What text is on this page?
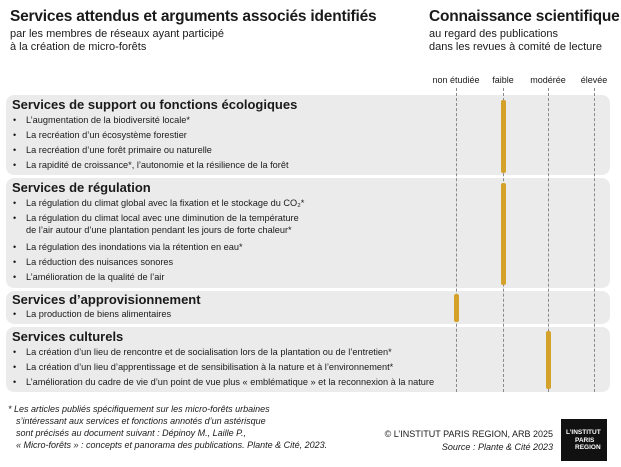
Services attendus et arguments associés identifiés
par les membres de réseaux ayant participé
à la création de micro-forêts
Connaissance scientifique
au regard des publications
dans les revues à comité de lecture
non étudiée faible modérée élevée
Services de support ou fonctions écologiques
• L’augmentation de la biodiversité locale*
• La recréation d’un écosystème forestier
• La recréation d’une forêt primaire ou naturelle
• La rapidité de croissance*, l’autonomie et la résilience de la forêt
Services de régulation
• La régulation du climat global avec la fixation et le stockage du CO₂*
• La régulation du climat local avec une diminution de la température
de l’air autour d’une plantation pendant les jours de forte chaleur*
• La régulation des inondations via la rétention en eau*
• La réduction des nuisances sonores
• L’amélioration de la qualité de l’air
Services d’approvisionnement
• La production de biens alimentaires
Services culturels
• La création d’un lieu de rencontre et de socialisation lors de la plantation ou de l’entretien*
• La création d’un lieu d’apprentissage et de sensibilisation à la nature et à l’environnement*
• L’amélioration du cadre de vie d’un point de vue plus « emblématique » et la reconnexion à la nature
* Les articles publiés spécifiquement sur les micro-forêts urbaines
s’intéressant aux services et fonctions annotés d’un astérisque
sont précisés au document suivant : Dépinoy M., Laille P.,
« Micro-forêts » : concepts et panorama des publications. Plante & Cité, 2023.
© L’INSTITUT PARIS REGION, ARB 2025
Source : Plante & Cité 2023
L’INSTITUT
PARIS
REGION
